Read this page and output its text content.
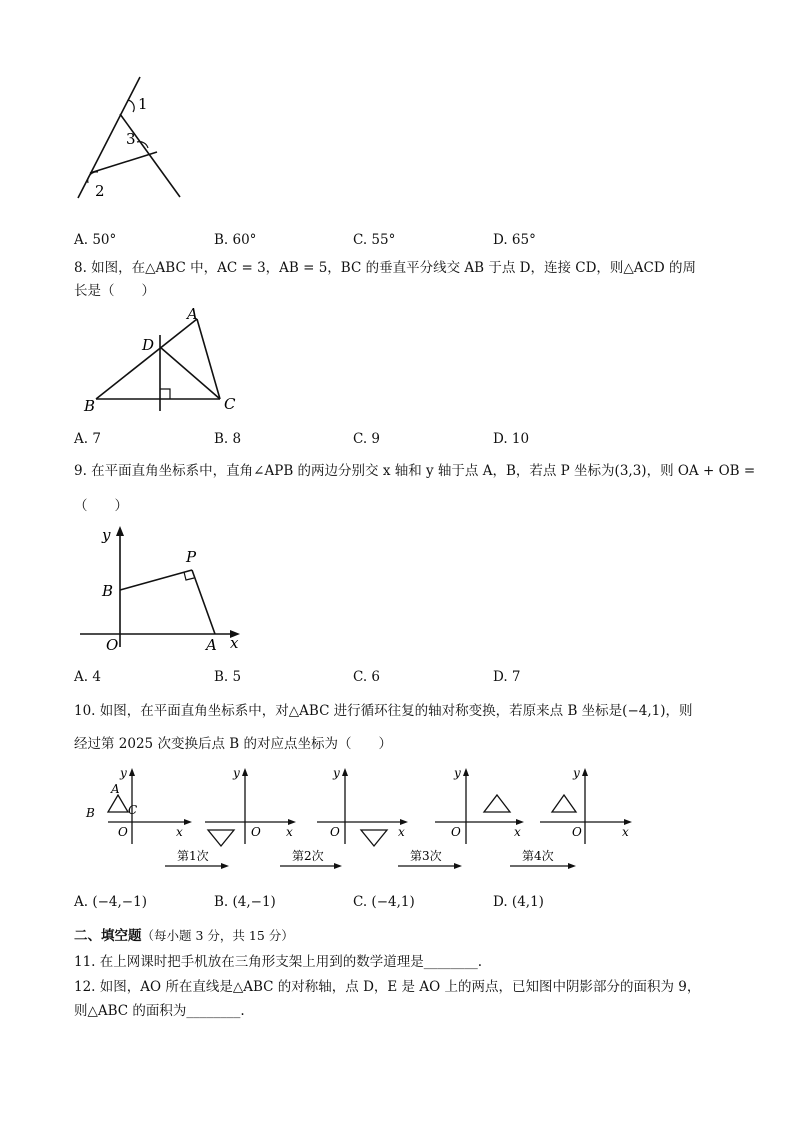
1
3
2
A. 50°	B. 60°	C. 55°	D. 65°
8. 如图，在△ABC 中，AC = 3，AB = 5，BC 的垂直平分线交 AB 于点 D，连接 CD，则△ACD 的周
长是（　　）
A
D
B	C
A. 7	B. 8	C. 9	D. 10
9. 在平面直角坐标系中，直角∠APB 的两边分别交 x 轴和 y 轴于点 A，B，若点 P 坐标为(3,3)，则 OA + OB =
（　　）
y
P
B
O	A x
A. 4	B. 5	C. 6	D. 7
10. 如图，在平面直角坐标系中，对△ABC 进行循环往复的轴对称变换，若原来点 B 坐标是(−4,1)，则
经过第 2025 次变换后点 B 的对应点坐标为（　　）
y
A
B	C
O	x
y
O x
y
O	x
y
O	x
y
O	x
第1次	第2次	第3次	第4次
A. (−4,−1)	B. (4,−1)	C. (−4,1)	D. (4,1)
二、填空题（每小题 3 分，共 15 分）
11. 在上网课时把手机放在三角形支架上用到的数学道理是________.
12. 如图，AO 所在直线是△ABC 的对称轴，点 D，E 是 AO 上的两点，已知图中阴影部分的面积为 9，
则△ABC 的面积为________.
